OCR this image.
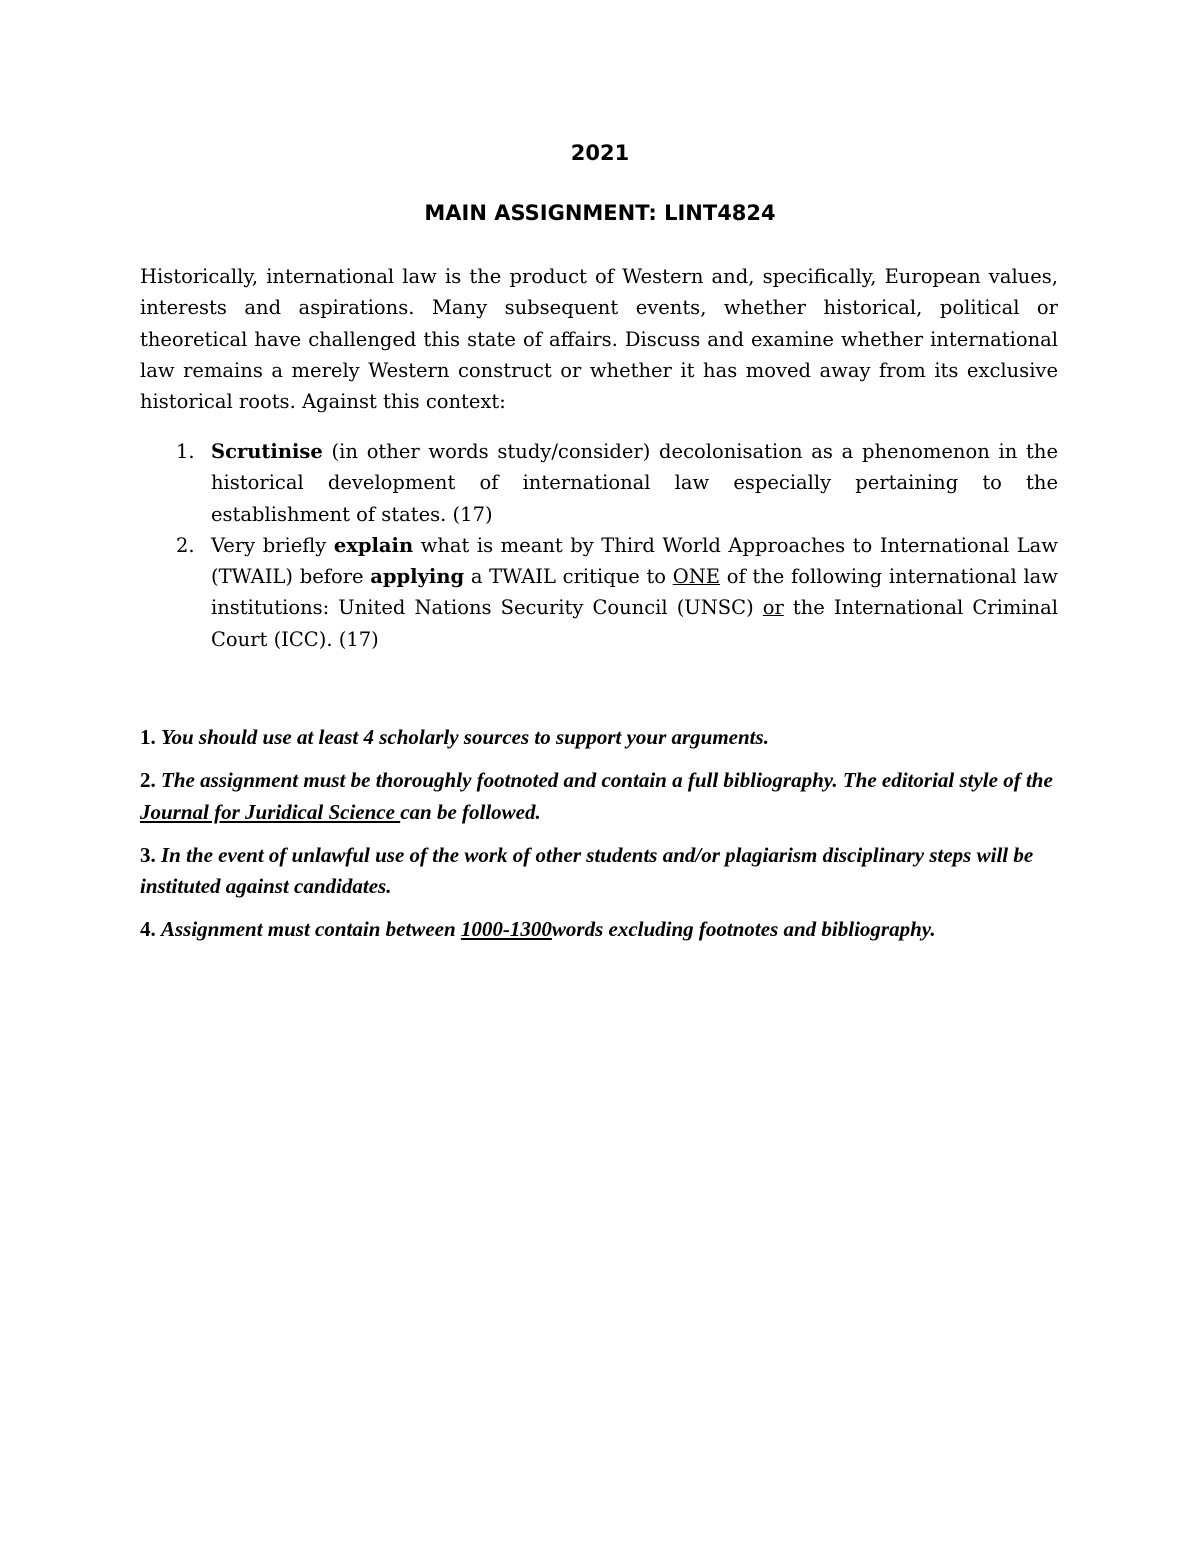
2021
MAIN ASSIGNMENT: LINT4824

Historically, international law is the product of Western and, specifically, European values, interests and aspirations. Many subsequent events, whether historical, political or theoretical have challenged this state of affairs. Discuss and examine whether international law remains a merely Western construct or whether it has moved away from its exclusive historical roots. Against this context:

1. Scrutinise (in other words study/consider) decolonisation as a phenomenon in the historical development of international law especially pertaining to the establishment of states. (17)
2. Very briefly explain what is meant by Third World Approaches to International Law (TWAIL) before applying a TWAIL critique to ONE of the following international law institutions: United Nations Security Council (UNSC) or the International Criminal Court (ICC). (17)
1. You should use at least 4 scholarly sources to support your arguments.
2. The assignment must be thoroughly footnoted and contain a full bibliography. The editorial style of the Journal for Juridical Science can be followed.
3. In the event of unlawful use of the work of other students and/or plagiarism disciplinary steps will be instituted against candidates.
4. Assignment must contain between 1000-1300words excluding footnotes and bibliography.
